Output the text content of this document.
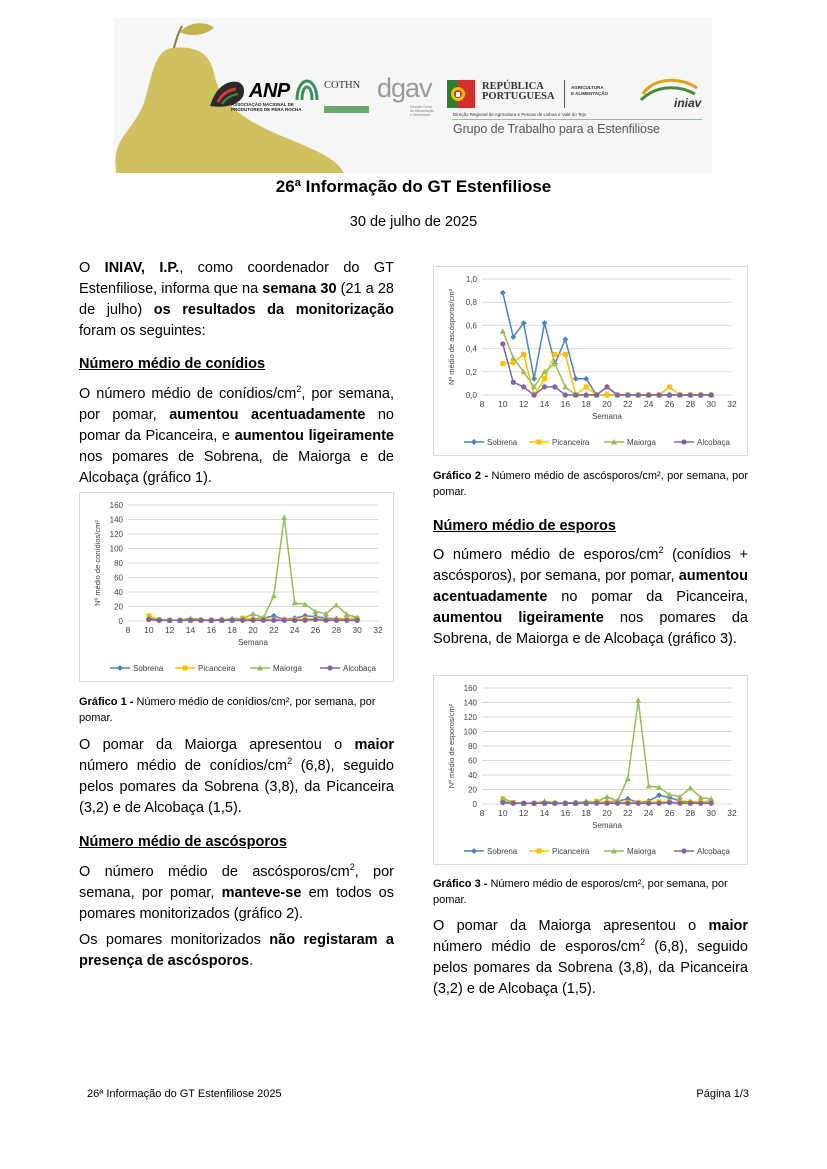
ANP
ASSOCIAÇÃO NACIONAL DE PRODUTORES DE PERA ROCHA
COTHN dgav
Direção Geral de Alimentação e Veterinária
REPÚBLICA
PORTUGUESA
AGRICULTURA
E ALIMENTAÇÃO
Direção Regional de Agricultura e Pescas de Lisboa e Vale do Tejo
iniav
Grupo de Trabalho para a Estenfiliose
26ª Informação do GT Estenfiliose
30 de julho de 2025
O INIAV, I.P., como coordenador do GT Estenfiliose, informa que na semana 30 (21 a 28 de julho) os resultados da monitorização foram os seguintes:
Número médio de conídios
O número médio de conídios/$cm^2$, por semana, por pomar, aumentou acentuadamente no pomar da Picanceira, e aumentou ligeiramente nos pomares de Sobrena, de Maiorga e de Alcobaça (gráfico 1).
0
20
40
60
80
100
120
140
160
8 10 12 14 16 18 20 22 24 26 28 30 32
Semana
Nº médio de conídios/cm²
Sobrena	Picanceira	Maiorga	Alcobaça
Gráfico 1 - Número médio de conídios/cm², por semana, por pomar.
O pomar da Maiorga apresentou o maior número médio de conídios/$cm^2$ (6,8), seguido pelos pomares da Sobrena (3,8), da Picanceira (3,2) e de Alcobaça (1,5).
Número médio de ascósporos
O número médio de ascósporos/$cm^2$, por semana, por pomar, manteve-se em todos os pomares monitorizados (gráfico 2).
Os pomares monitorizados não registaram a presença de ascósporos.
0,0
0,2
0,4
0,6
0,8
1,0
8 10 12 14 16 18 20 22 24 26 28 30 32
Semana
Nº médio de ascósporos/cm²
Sobrena	Picanceira	Maiorga	Alcobaça
Gráfico 2 - Número médio de ascósporos/cm², por semana, por pomar.
Número médio de esporos
O número médio de esporos/$cm^2$ (conídios + ascósporos), por semana, por pomar, aumentou acentuadamente no pomar da Picanceira, aumentou ligeiramente nos pomares da Sobrena, de Maiorga e de Alcobaça (gráfico 3).
0
20
40
60
80
100
120
140
160
8 10 12 14 16 18 20 22 24 26 28 30 32
Semana
Nº médio de esporos/cm²
Sobrena	Picanceira	Maiorga	Alcobaça
Gráfico 3 - Número médio de esporos/cm², por semana, por pomar.
O pomar da Maiorga apresentou o maior número médio de esporos/$cm^2$ (6,8), seguido pelos pomares da Sobrena (3,8), da Picanceira (3,2) e de Alcobaça (1,5).
26ª Informação do GT Estenfiliose 2025	Página 1/3
